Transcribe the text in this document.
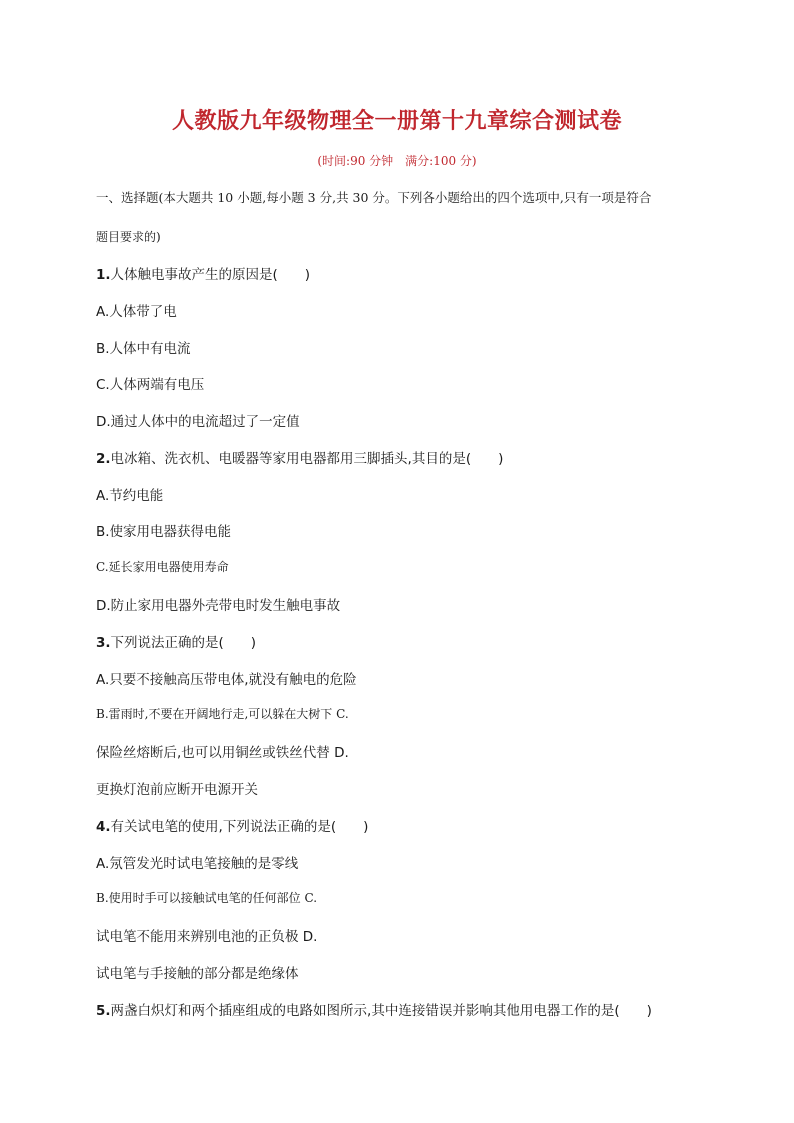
人教版九年级物理全一册第十九章综合测试卷
(时间:90 分钟　满分:100 分)
一、选择题(本大题共 10 小题,每小题 3 分,共 30 分。下列各小题给出的四个选项中,只有一项是符合
题目要求的)
1.人体触电事故产生的原因是(　　)
A.人体带了电
B.人体中有电流
C.人体两端有电压
D.通过人体中的电流超过了一定值
2.电冰箱、洗衣机、电暖器等家用电器都用三脚插头,其目的是(　　)
A.节约电能
B.使家用电器获得电能
C.延长家用电器使用寿命
D.防止家用电器外壳带电时发生触电事故
3.下列说法正确的是(　　)
A.只要不接触高压带电体,就没有触电的危险
B.雷雨时,不要在开阔地行走,可以躲在大树下 C.
保险丝熔断后,也可以用铜丝或铁丝代替 D.
更换灯泡前应断开电源开关
4.有关试电笔的使用,下列说法正确的是(　　)
A.氖管发光时试电笔接触的是零线
B.使用时手可以接触试电笔的任何部位 C.
试电笔不能用来辨别电池的正负极 D.
试电笔与手接触的部分都是绝缘体
5.两盏白炽灯和两个插座组成的电路如图所示,其中连接错误并影响其他用电器工作的是(　　)
